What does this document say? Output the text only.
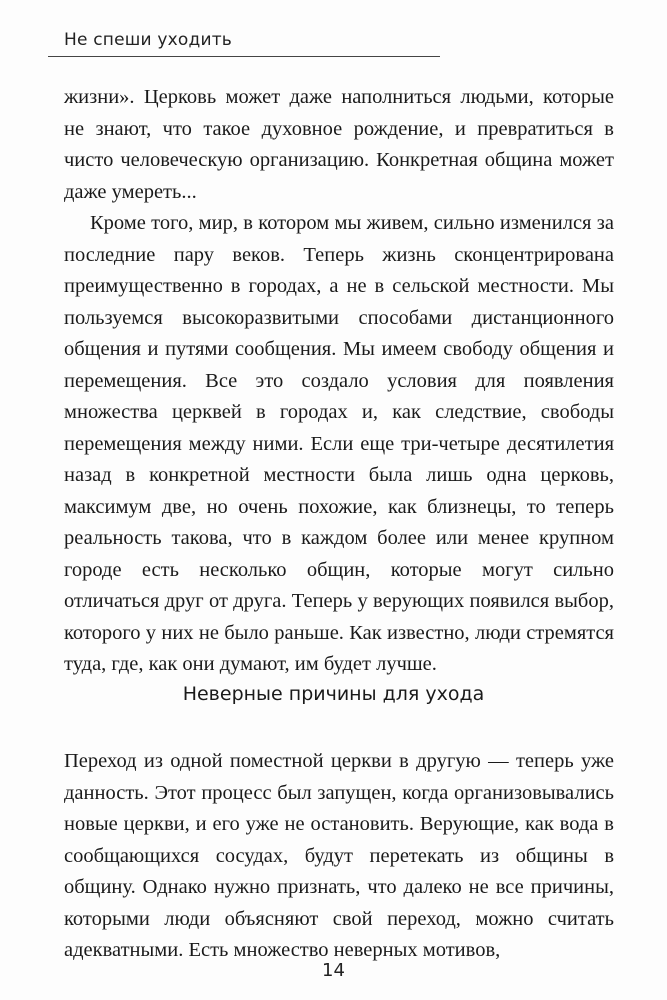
Не спеши уходить

жизни». Церковь может даже наполниться людьми, которые не знают, что такое духовное рождение, и превратиться в чисто человеческую организацию. Конкретная община может даже умереть...

Кроме того, мир, в котором мы живем, сильно изменился за последние пару веков. Теперь жизнь сконцентрирована преимущественно в городах, а не в сельской местности. Мы пользуемся высокоразвитыми способами дистанционного общения и путями сообщения. Мы имеем свободу общения и перемещения. Все это создало условия для появления множества церквей в городах и, как следствие, свободы перемещения между ними. Если еще три-четыре десятилетия назад в конкретной местности была лишь одна церковь, максимум две, но очень похожие, как близнецы, то теперь реальность такова, что в каждом более или менее крупном городе есть несколько общин, которые могут сильно отличаться друг от друга. Теперь у верующих появился выбор, которого у них не было раньше. Как известно, люди стремятся туда, где, как они думают, им будет лучше.

Неверные причины для ухода

Переход из одной поместной церкви в другую — теперь уже данность. Этот процесс был запущен, когда организовывались новые церкви, и его уже не остановить. Верующие, как вода в сообщающихся сосудах, будут перетекать из общины в общину. Однако нужно признать, что далеко не все причины, которыми люди объясняют свой переход, можно считать адекватными. Есть множество неверных мотивов,

14
